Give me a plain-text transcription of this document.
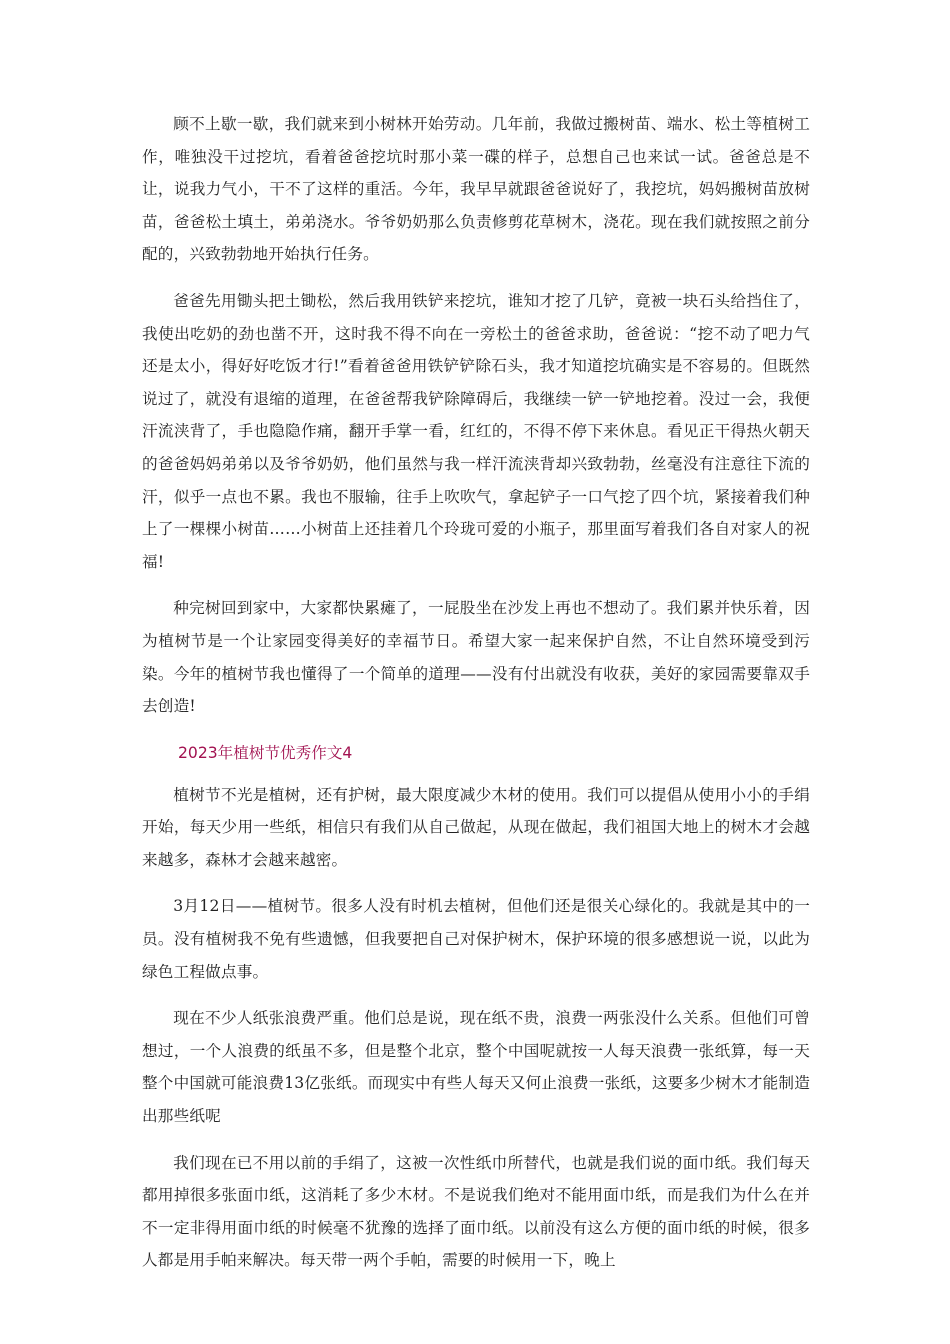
顾不上歇一歇，我们就来到小树林开始劳动。几年前，我做过搬树苗、端水、松土等植树工作，唯独没干过挖坑，看着爸爸挖坑时那小菜一碟的样子，总想自己也来试一试。爸爸总是不让，说我力气小，干不了这样的重活。今年，我早早就跟爸爸说好了，我挖坑，妈妈搬树苗放树苗，爸爸松土填土，弟弟浇水。爷爷奶奶那么负责修剪花草树木，浇花。现在我们就按照之前分配的，兴致勃勃地开始执行任务。

爸爸先用锄头把土锄松，然后我用铁铲来挖坑，谁知才挖了几铲，竟被一块石头给挡住了，我使出吃奶的劲也凿不开，这时我不得不向在一旁松土的爸爸求助，爸爸说：“挖不动了吧力气还是太小，得好好吃饭才行!”看着爸爸用铁铲铲除石头，我才知道挖坑确实是不容易的。但既然说过了，就没有退缩的道理，在爸爸帮我铲除障碍后，我继续一铲一铲地挖着。没过一会，我便汗流浃背了，手也隐隐作痛，翻开手掌一看，红红的，不得不停下来休息。看见正干得热火朝天的爸爸妈妈弟弟以及爷爷奶奶，他们虽然与我一样汗流浃背却兴致勃勃，丝毫没有注意往下流的汗，似乎一点也不累。我也不服输，往手上吹吹气，拿起铲子一口气挖了四个坑，紧接着我们种上了一棵棵小树苗……小树苗上还挂着几个玲珑可爱的小瓶子，那里面写着我们各自对家人的祝福!

种完树回到家中，大家都快累瘫了，一屁股坐在沙发上再也不想动了。我们累并快乐着，因为植树节是一个让家园变得美好的幸福节日。希望大家一起来保护自然，不让自然环境受到污染。今年的植树节我也懂得了一个简单的道理——没有付出就没有收获，美好的家园需要靠双手去创造!

2023年植树节优秀作文4

植树节不光是植树，还有护树，最大限度减少木材的使用。我们可以提倡从使用小小的手绢开始，每天少用一些纸，相信只有我们从自己做起，从现在做起，我们祖国大地上的树木才会越来越多，森林才会越来越密。

3月12日——植树节。很多人没有时机去植树，但他们还是很关心绿化的。我就是其中的一员。没有植树我不免有些遗憾，但我要把自己对保护树木，保护环境的很多感想说一说，以此为绿色工程做点事。

现在不少人纸张浪费严重。他们总是说，现在纸不贵，浪费一两张没什么关系。但他们可曾想过，一个人浪费的纸虽不多，但是整个北京，整个中国呢就按一人每天浪费一张纸算，每一天整个中国就可能浪费13亿张纸。而现实中有些人每天又何止浪费一张纸，这要多少树木才能制造出那些纸呢

我们现在已不用以前的手绢了，这被一次性纸巾所替代，也就是我们说的面巾纸。我们每天都用掉很多张面巾纸，这消耗了多少木材。不是说我们绝对不能用面巾纸，而是我们为什么在并不一定非得用面巾纸的时候毫不犹豫的选择了面巾纸。以前没有这么方便的面巾纸的时候，很多人都是用手帕来解决。每天带一两个手帕，需要的时候用一下，晚上
